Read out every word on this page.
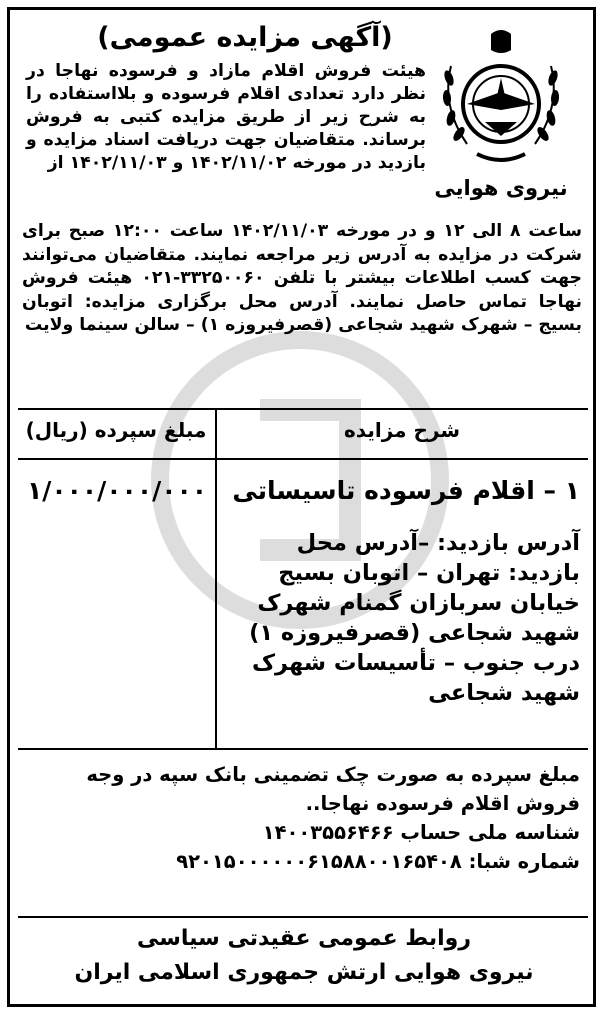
نیروی هوایی
(آگهی مزایده عمومی)
هیئت فروش اقلام مازاد و فرسوده نهاجا در نظر دارد تعدادی اقلام فرسوده و بلااستفاده را به شرح زیر از طریق مزایده کتبی به فروش برساند. متقاضیان جهت دریافت اسناد مزایده و بازدید در مورخه ۱۴۰۲/۱۱/۰۲ و ۱۴۰۲/۱۱/۰۳ از
ساعت ۸ الی ۱۲ و در مورخه ۱۴۰۲/۱۱/۰۳ ساعت ۱۲:۰۰ صبح برای شرکت در مزایده به آدرس زیر مراجعه نمایند. متقاضیان می‌توانند جهت کسب اطلاعات بیشتر با تلفن ۳۳۲۵۰۰۶۰-۰۲۱ هیئت فروش نهاجا تماس حاصل نمایند. آدرس محل برگزاری مزایده: اتوبان بسیج – شهرک شهید شجاعی (قصرفیروزه ۱) – سالن سینما ولایت
شرح مزایده
مبلغ سپرده (ریال)
۱ – اقلام فرسوده تاسیساتی
۱/۰۰۰/۰۰۰/۰۰۰
آدرس بازدید: –آدرس محل بازدید: تهران – اتوبان بسیج خیابان سربازان گمنام شهرک شهید شجاعی (قصرفیروزه ۱) درب جنوب – تأسیسات شهرک شهید شجاعی
مبلغ سپرده به صورت چک تضمینی بانک سپه در وجه فروش اقلام فرسوده نهاجا..
شناسه ملی حساب ۱۴۰۰۳۵۵۶۴۶۶
شماره شبا: ۹۲۰۱۵۰۰۰۰۰۰۶۱۵۸۸۰۰۱۶۵۴۰۸
روابط عمومی عقیدتی سیاسی
نیروی هوایی ارتش جمهوری اسلامی ایران
